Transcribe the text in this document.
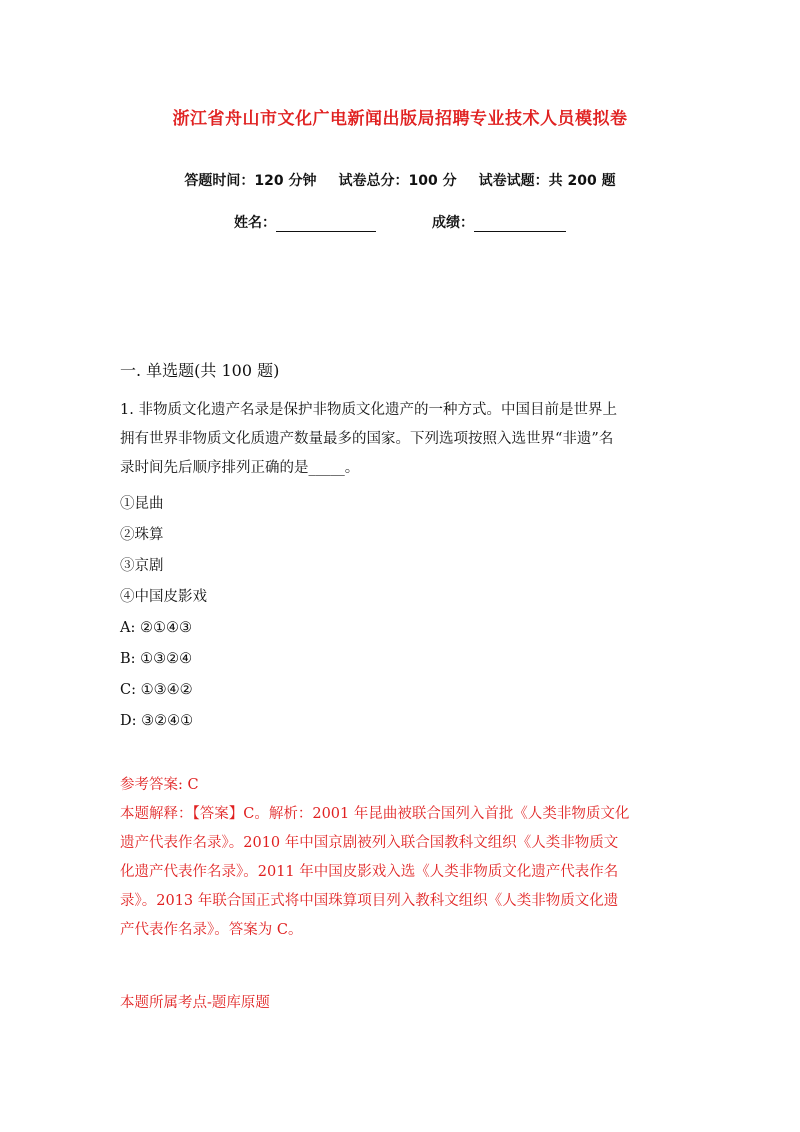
浙江省舟山市文化广电新闻出版局招聘专业技术人员模拟卷
答题时间：120 分钟 试卷总分：100 分 试卷试题：共 200 题
姓名：	成绩：
一. 单选题(共 100 题)
1. 非物质文化遗产名录是保护非物质文化遗产的一种方式。中国目前是世界上
拥有世界非物质文化质遗产数量最多的国家。下列选项按照入选世界“非遗”名
录时间先后顺序排列正确的是_____。
①昆曲
②珠算
③京剧
④中国皮影戏
A: ②①④③
B: ①③②④
C: ①③④②
D: ③②④①
参考答案: C
本题解释：【答案】C。解析：2001 年昆曲被联合国列入首批《人类非物质文化
遗产代表作名录》。2010 年中国京剧被列入联合国教科文组织《人类非物质文
化遗产代表作名录》。2011 年中国皮影戏入选《人类非物质文化遗产代表作名
录》。2013 年联合国正式将中国珠算项目列入教科文组织《人类非物质文化遗
产代表作名录》。答案为 C。
本题所属考点-题库原题
